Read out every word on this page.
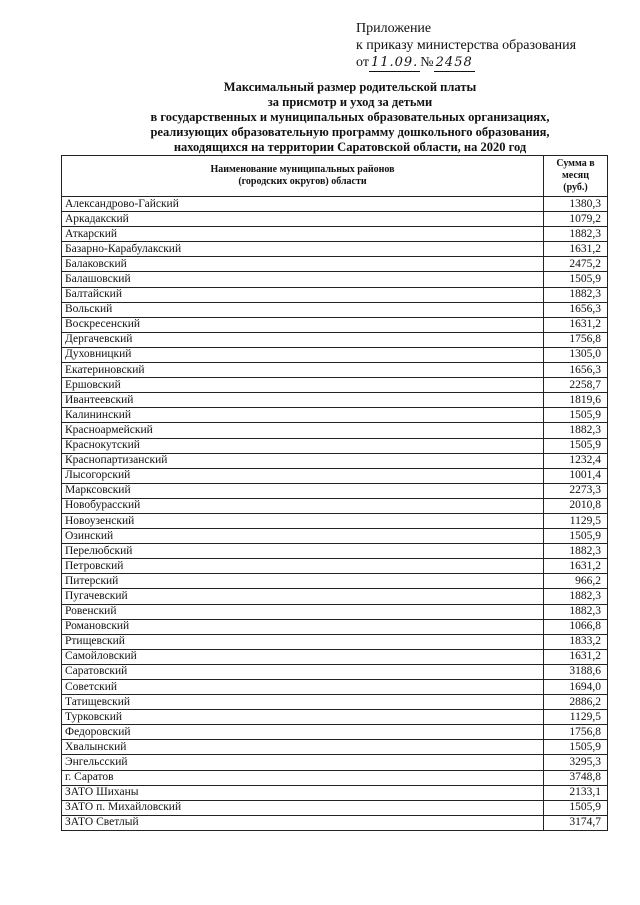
Приложение
к приказу министерства образования
от 11.09. № 2458
Максимальный размер родительской платы
за присмотр и уход за детьми
в государственных и муниципальных образовательных организациях,
реализующих образовательную программу дошкольного образования,
находящихся на территории Саратовской области, на 2020 год
Наименование муниципальных районов (городских округов) области	Сумма в месяц (руб.)

Александрово-Гайский	1380,3
Аркадакский	1079,2
Аткарский	1882,3
Базарно-Карабулакский	1631,2
Балаковский	2475,2
Балашовский	1505,9
Балтайский	1882,3
Вольский	1656,3
Воскресенский	1631,2
Дергачевский	1756,8
Духовницкий	1305,0
Екатериновский	1656,3
Ершовский	2258,7
Ивантеевский	1819,6
Калининский	1505,9
Красноармейский	1882,3
Краснокутский	1505,9
Краснопартизанский	1232,4
Лысогорский	1001,4
Марксовский	2273,3
Новобурасский	2010,8
Новоузенский	1129,5
Озинский	1505,9
Перелюбский	1882,3
Петровский	1631,2
Питерский	966,2
Пугачевский	1882,3
Ровенский	1882,3
Романовский	1066,8
Ртищевский	1833,2
Самойловский	1631,2
Саратовский	3188,6
Советский	1694,0
Татищевский	2886,2
Турковский	1129,5
Федоровский	1756,8
Хвалынский	1505,9
Энгельсский	3295,3
г. Саратов	3748,8
ЗАТО Шиханы	2133,1
ЗАТО п. Михайловский	1505,9
ЗАТО Светлый	3174,7
